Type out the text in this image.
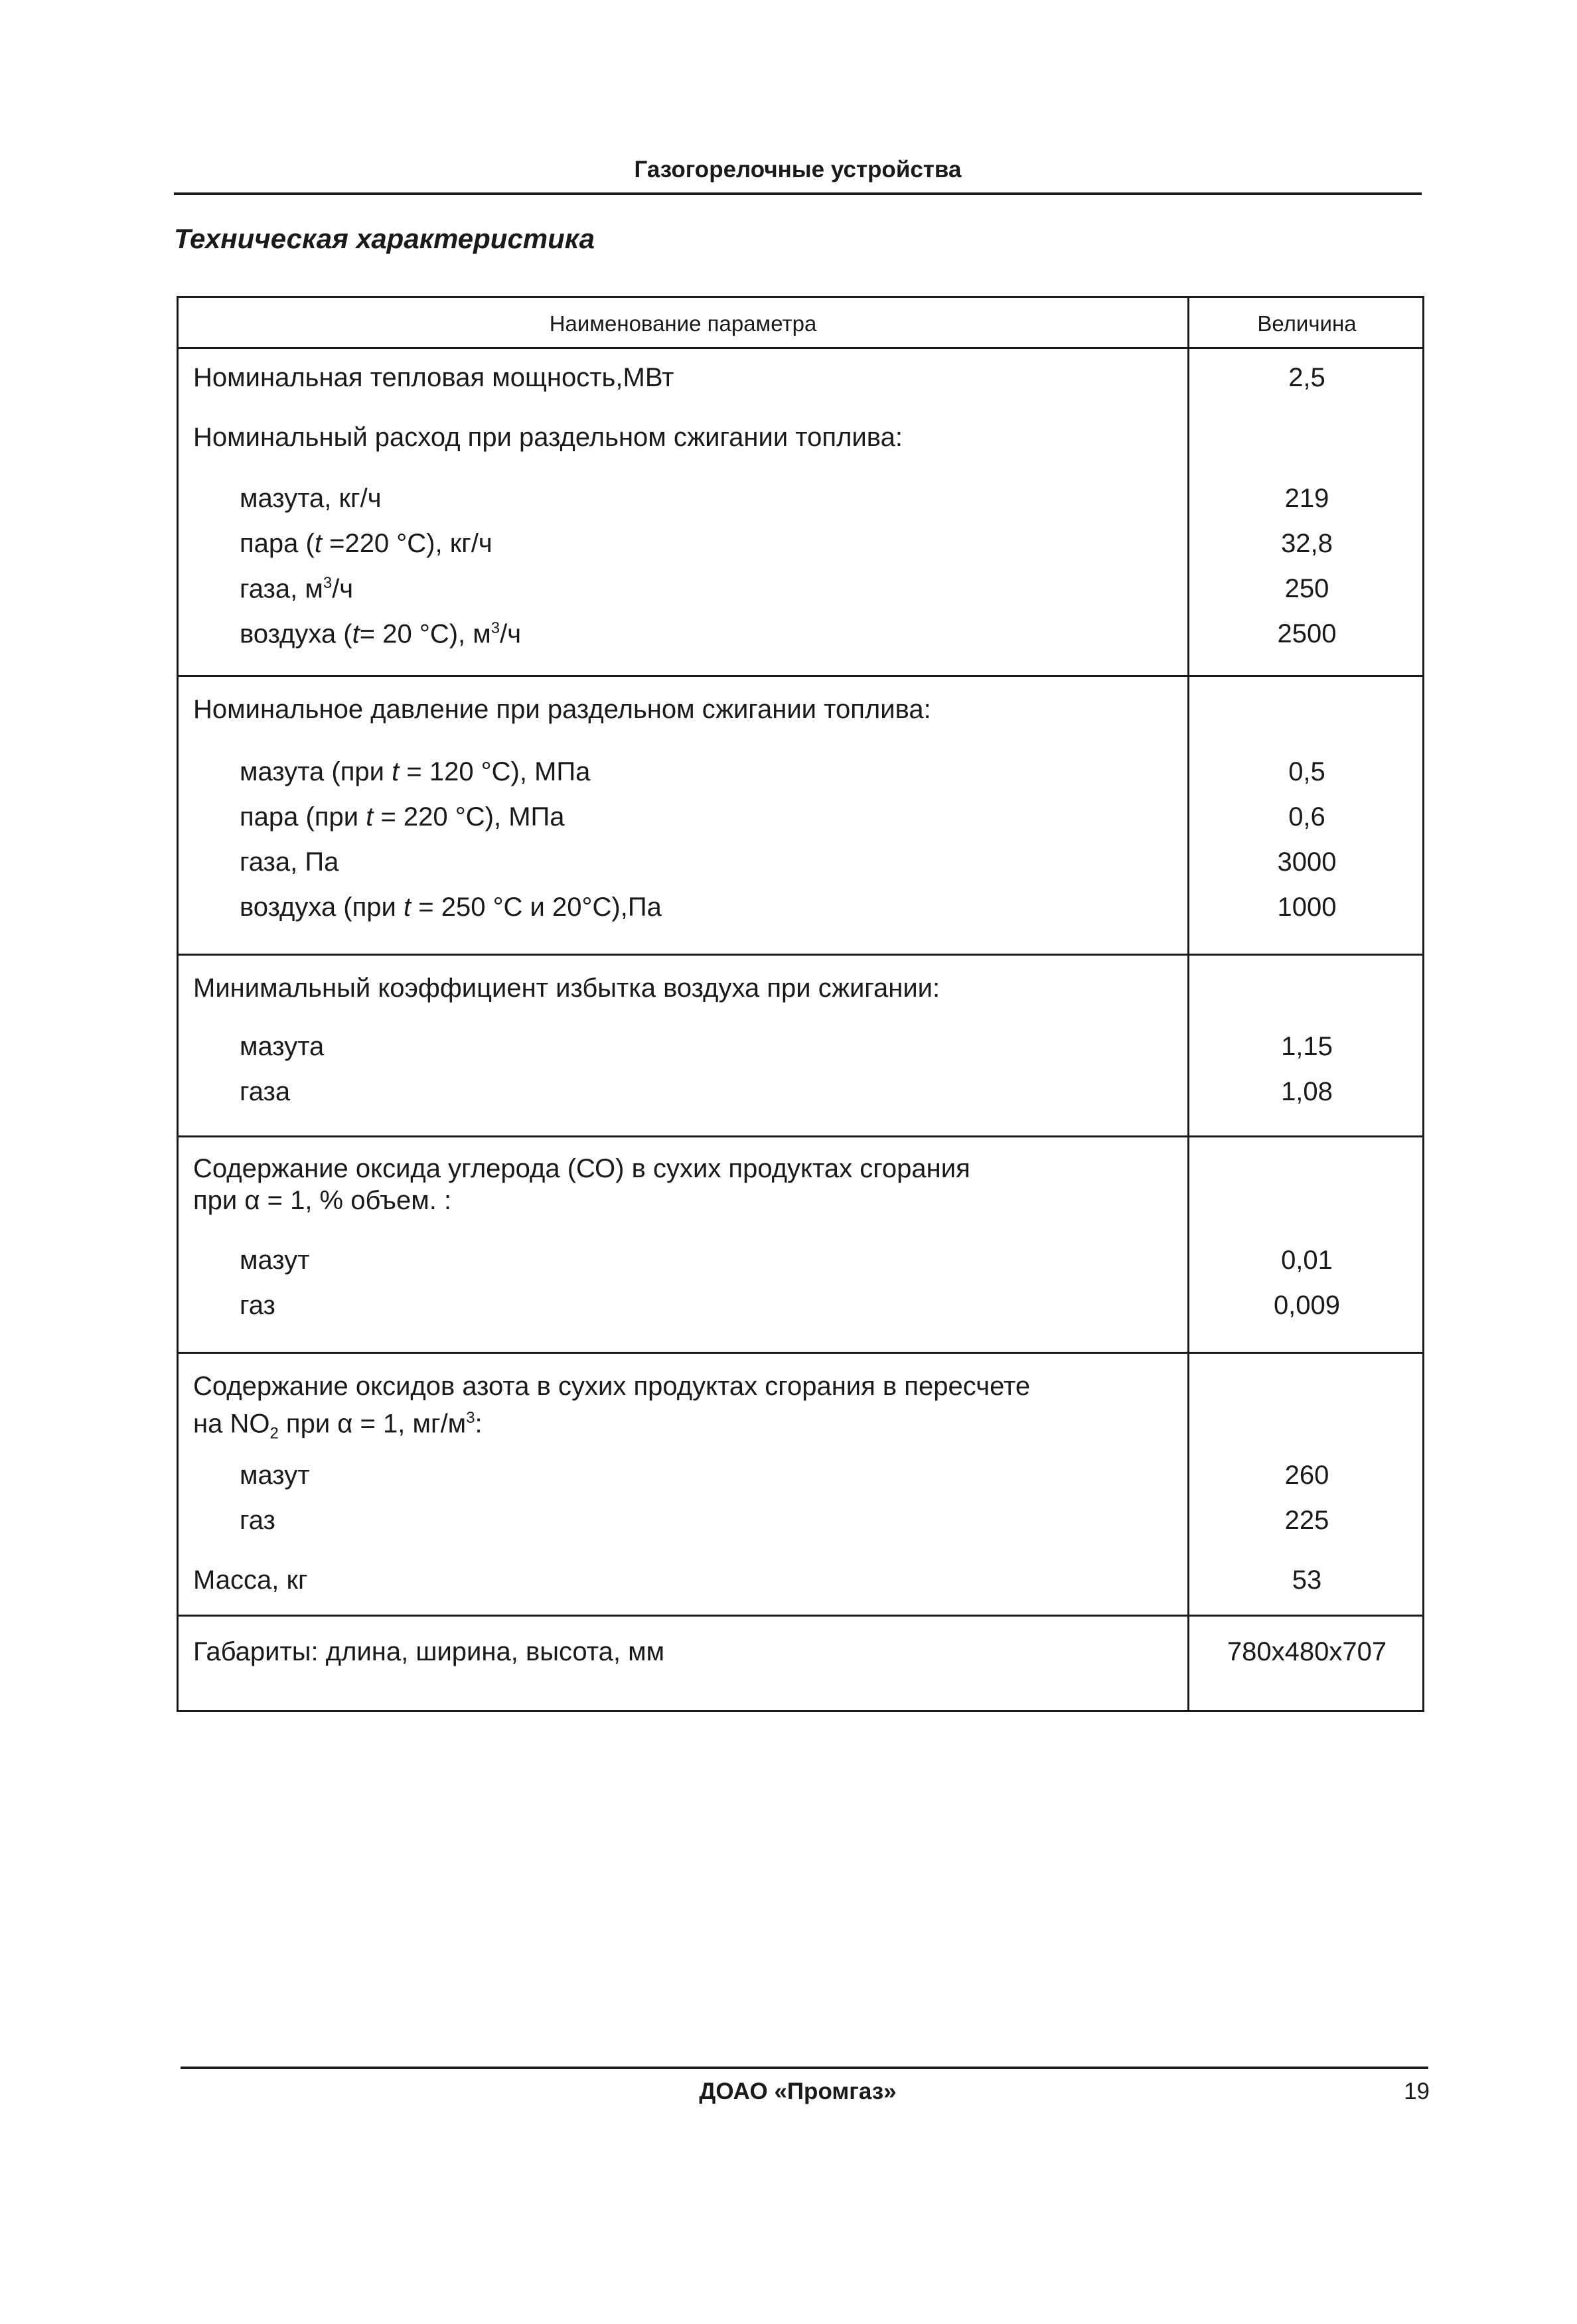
Газогорелочные устройства
Техническая характеристика
Наименование параметра	Величина
Номинальная тепловая мощность,МВт	2,5
Номинальный расход при раздельном сжигании топлива:
мазута, кг/ч	219
пара (t =220 °С), кг/ч	32,8
газа, $м^3/ч$	250
воздуха (t= 20 °С), $м^3/ч$	2500
Номинальное давление при раздельном сжигании топлива:
мазута (при t = 120 °С), МПа	0,5
пара (при t = 220 °С), МПа	0,6
газа, Па	3000
воздуха (при t = 250 °С и 20°С),Па	1000
Минимальный коэффициент избытка воздуха при сжигании:
мазута	1,15
газа	1,08
Содержание оксида углерода (СО) в сухих продуктах сгорания
при α = 1, % объем. :
мазут	0,01
газ	0,009
Содержание оксидов азота в сухих продуктах сгорания в пересчете
на $NO_2$ при α = 1, $мг/м^3$:
мазут	260
газ	225
Масса, кг	53
Габариты: длина, ширина, высота, мм	780x480x707
ДОАО «Промгаз»	19
